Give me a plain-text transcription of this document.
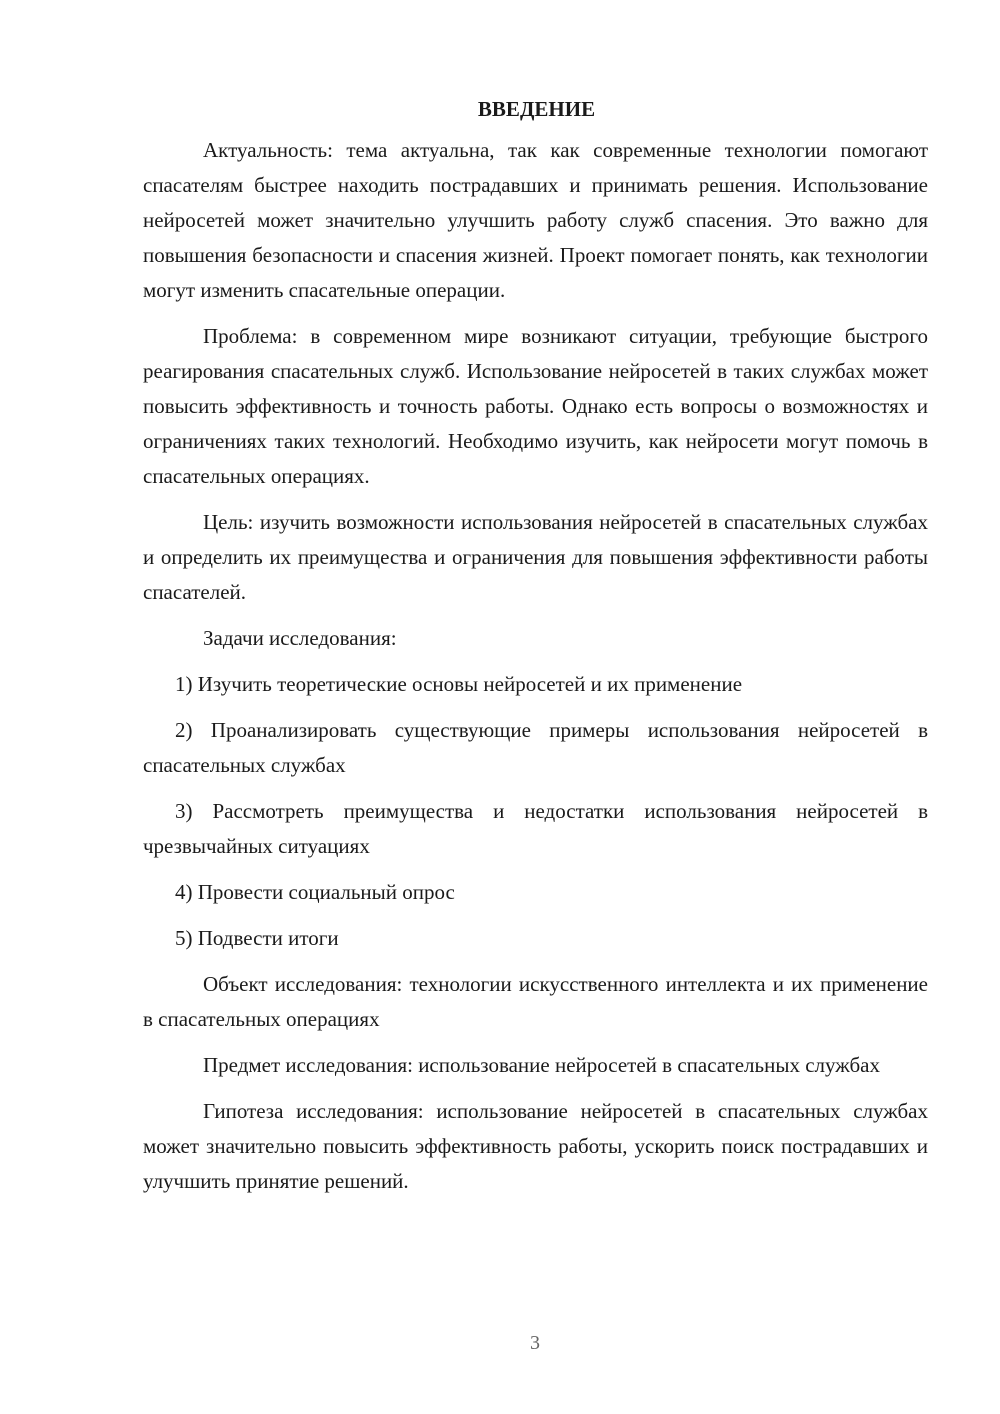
ВВЕДЕНИЕ

Актуальность: тема актуальна, так как современные технологии помогают спасателям быстрее находить пострадавших и принимать решения. Использование нейросетей может значительно улучшить работу служб спасения. Это важно для повышения безопасности и спасения жизней. Проект помогает понять, как технологии могут изменить спасательные операции.

Проблема: в современном мире возникают ситуации, требующие быстрого реагирования спасательных служб. Использование нейросетей в таких службах может повысить эффективность и точность работы. Однако есть вопросы о возможностях и ограничениях таких технологий. Необходимо изучить, как нейросети могут помочь в спасательных операциях.

Цель: изучить возможности использования нейросетей в спасательных службах и определить их преимущества и ограничения для повышения эффективности работы спасателей.

Задачи исследования:

1) Изучить теоретические основы нейросетей и их применение

2) Проанализировать существующие примеры использования нейросетей в спасательных службах

3) Рассмотреть преимущества и недостатки использования нейросетей в чрезвычайных ситуациях

4) Провести социальный опрос

5) Подвести итоги

Объект исследования: технологии искусственного интеллекта и их применение в спасательных операциях

Предмет исследования: использование нейросетей в спасательных службах

Гипотеза исследования: использование нейросетей в спасательных службах может значительно повысить эффективность работы, ускорить поиск пострадавших и улучшить принятие решений.

3
